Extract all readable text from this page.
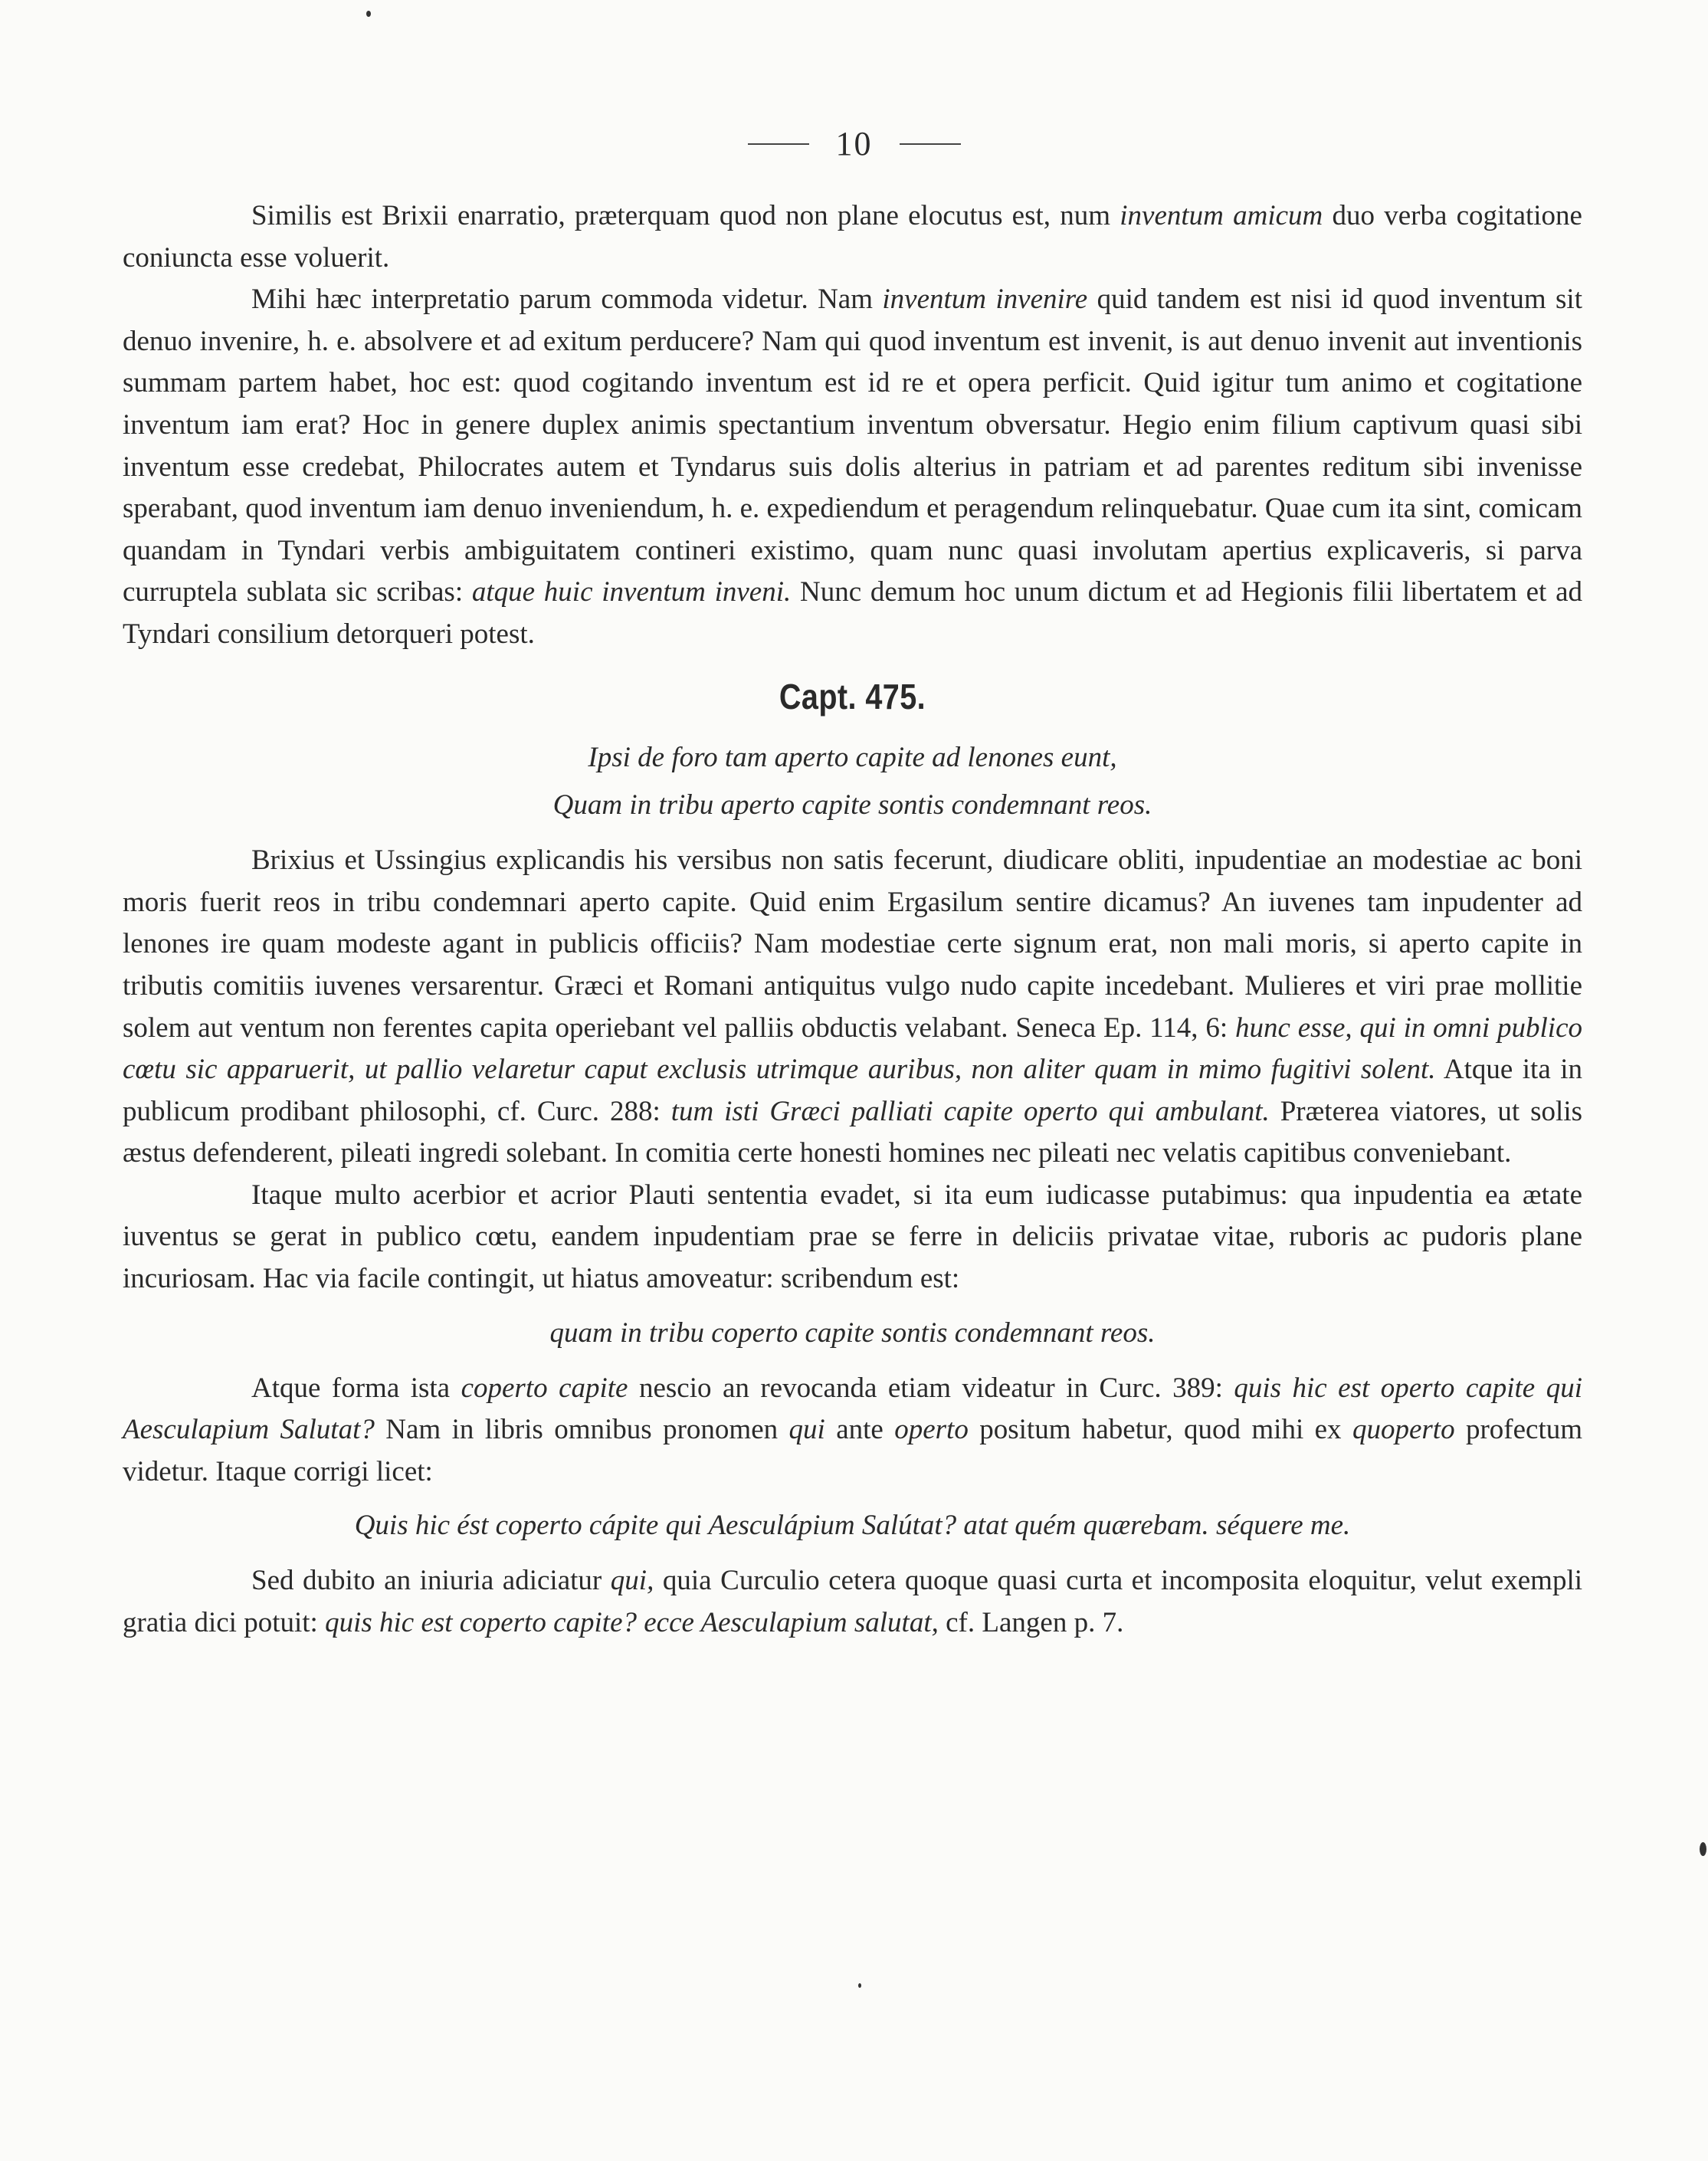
10

Similis est Brixii enarratio, præterquam quod non plane elocutus est, num inventum amicum duo verba cogitatione coniuncta esse voluerit.

Mihi hæc interpretatio parum commoda videtur. Nam inventum invenire quid tandem est nisi id quod inventum sit denuo invenire, h. e. absolvere et ad exitum perducere? Nam qui quod inventum est invenit, is aut denuo invenit aut inventionis summam partem habet, hoc est: quod cogitando inventum est id re et opera perficit. Quid igitur tum animo et cogitatione inventum iam erat? Hoc in genere duplex animis spectantium inventum obversatur. Hegio enim filium captivum quasi sibi inventum esse credebat, Philocrates autem et Tyndarus suis dolis alterius in patriam et ad parentes reditum sibi invenisse sperabant, quod inventum iam denuo inveniendum, h. e. expediendum et peragendum relinquebatur. Quae cum ita sint, comicam quandam in Tyndari verbis ambiguitatem contineri existimo, quam nunc quasi involutam apertius explicaveris, si parva curruptela sublata sic scribas: atque huic inventum inveni. Nunc demum hoc unum dictum et ad Hegionis filii libertatem et ad Tyndari consilium detorqueri potest.

Capt. 475.

Ipsi de foro tam aperto capite ad lenones eunt,

Quam in tribu aperto capite sontis condemnant reos.

Brixius et Ussingius explicandis his versibus non satis fecerunt, diudicare obliti, inpudentiae an modestiae ac boni moris fuerit reos in tribu condemnari aperto capite. Quid enim Ergasilum sentire dicamus? An iuvenes tam inpudenter ad lenones ire quam modeste agant in publicis officiis? Nam modestiae certe signum erat, non mali moris, si aperto capite in tributis comitiis iuvenes versarentur. Græci et Romani antiquitus vulgo nudo capite incedebant. Mulieres et viri prae mollitie solem aut ventum non ferentes capita operiebant vel palliis obductis velabant. Seneca Ep. 114, 6: hunc esse, qui in omni publico cœtu sic apparuerit, ut pallio velaretur caput exclusis utrimque auribus, non aliter quam in mimo fugitivi solent. Atque ita in publicum prodibant philosophi, cf. Curc. 288: tum isti Græci palliati capite operto qui ambulant. Præterea viatores, ut solis æstus defenderent, pileati ingredi solebant. In comitia certe honesti homines nec pileati nec velatis capitibus conveniebant.

Itaque multo acerbior et acrior Plauti sententia evadet, si ita eum iudicasse putabimus: qua inpudentia ea ætate iuventus se gerat in publico cœtu, eandem inpudentiam prae se ferre in deliciis privatae vitae, ruboris ac pudoris plane incuriosam. Hac via facile contingit, ut hiatus amoveatur: scribendum est:

quam in tribu coperto capite sontis condemnant reos.

Atque forma ista coperto capite nescio an revocanda etiam videatur in Curc. 389: quis hic est operto capite qui Aesculapium Salutat? Nam in libris omnibus pronomen qui ante operto positum habetur, quod mihi ex quoperto profectum videtur. Itaque corrigi licet:

Quis hic ést coperto cápite qui Aesculápium Salútat? atat quém quærebam. séquere me.

Sed dubito an iniuria adiciatur qui, quia Curculio cetera quoque quasi curta et incomposita eloquitur, velut exempli gratia dici potuit: quis hic est coperto capite? ecce Aesculapium salutat, cf. Langen p. 7.
